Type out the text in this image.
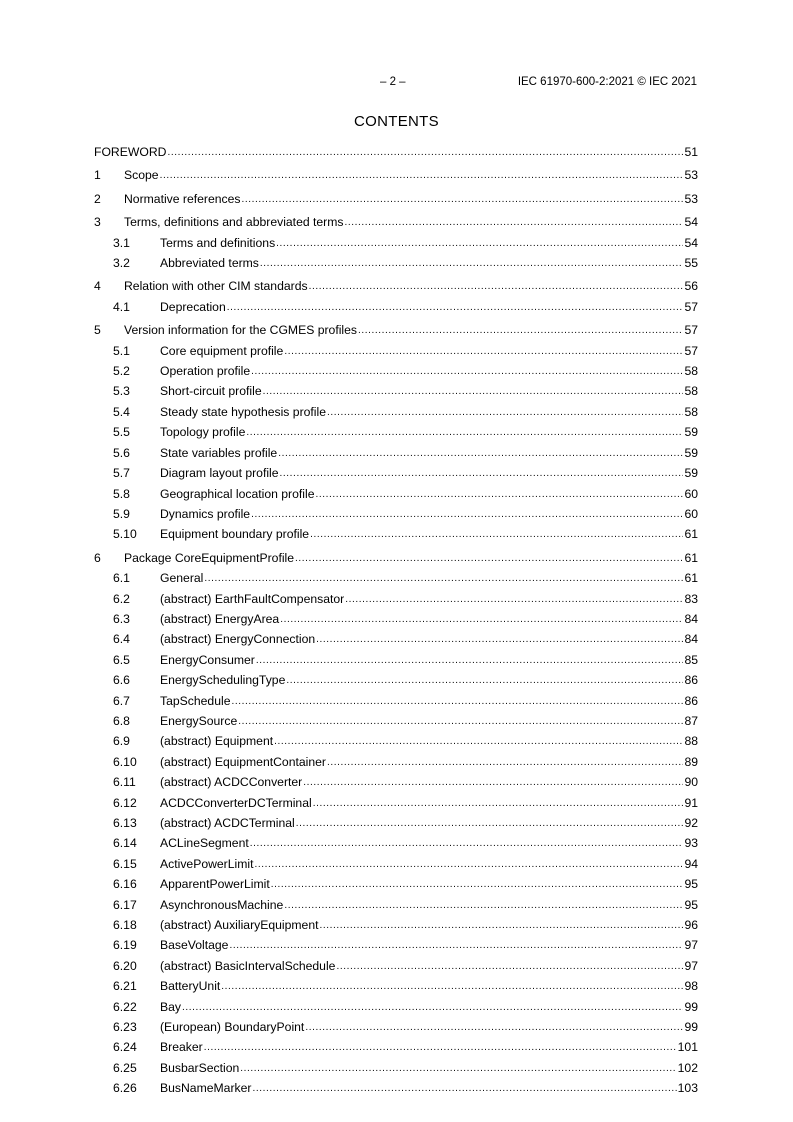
– 2 –	IEC 61970-600-2:2021 © IEC 2021
CONTENTS
FOREWORD .....	51
1	Scope .....	53
2	Normative references .....	53
3	Terms, definitions and abbreviated terms .....	54
3.1	Terms and definitions .....	54
3.2	Abbreviated terms .....	55
4	Relation with other CIM standards .....	56
4.1	Deprecation .....	57
5	Version information for the CGMES profiles .....	57
5.1	Core equipment profile .....	57
5.2	Operation profile .....	58
5.3	Short-circuit profile .....	58
5.4	Steady state hypothesis profile .....	58
5.5	Topology profile .....	59
5.6	State variables profile .....	59
5.7	Diagram layout profile .....	59
5.8	Geographical location profile .....	60
5.9	Dynamics profile .....	60
5.10	Equipment boundary profile .....	61
6	Package CoreEquipmentProfile .....	61
6.1	General .....	61
6.2	(abstract) EarthFaultCompensator .....	83
6.3	(abstract) EnergyArea .....	84
6.4	(abstract) EnergyConnection .....	84
6.5	EnergyConsumer .....	85
6.6	EnergySchedulingType .....	86
6.7	TapSchedule .....	86
6.8	EnergySource .....	87
6.9	(abstract) Equipment .....	88
6.10	(abstract) EquipmentContainer .....	89
6.11	(abstract) ACDCConverter .....	90
6.12	ACDCConverterDCTerminal .....	91
6.13	(abstract) ACDCTerminal .....	92
6.14	ACLineSegment .....	93
6.15	ActivePowerLimit .....	94
6.16	ApparentPowerLimit .....	95
6.17	AsynchronousMachine .....	95
6.18	(abstract) AuxiliaryEquipment .....	96
6.19	BaseVoltage .....	97
6.20	(abstract) BasicIntervalSchedule .....	97
6.21	BatteryUnit .....	98
6.22	Bay .....	99
6.23	(European) BoundaryPoint .....	99
6.24	Breaker .....	101
6.25	BusbarSection .....	102
6.26	BusNameMarker .....	103
